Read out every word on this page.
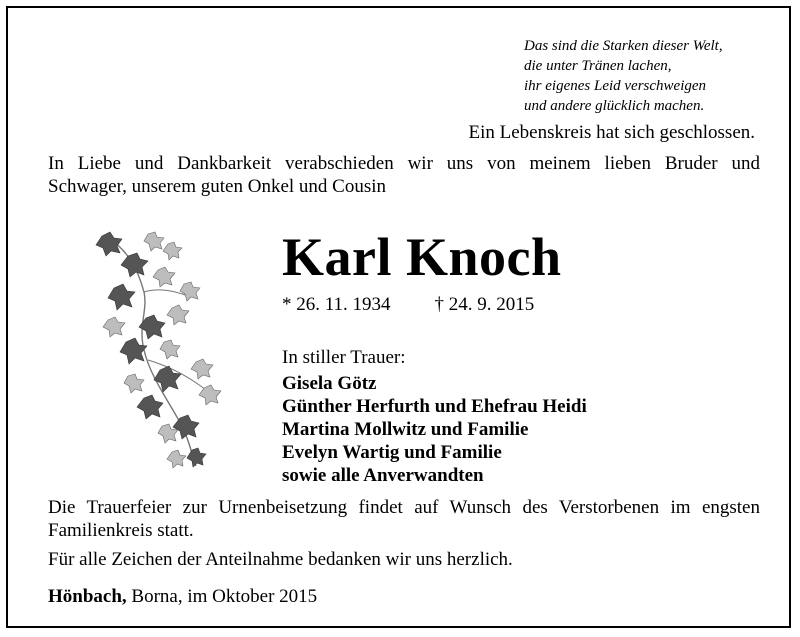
Das sind die Starken dieser Welt,
die unter Tränen lachen,
ihr eigenes Leid verschweigen
und andere glücklich machen.
Ein Lebenskreis hat sich geschlossen.
In Liebe und Dankbarkeit verabschieden wir uns von meinem lieben Bruder und
Schwager, unserem guten Onkel und Cousin
Karl Knoch
* 26. 11. 1934 † 24. 9. 2015
In stiller Trauer:
Gisela Götz
Günther Herfurth und Ehefrau Heidi
Martina Mollwitz und Familie
Evelyn Wartig und Familie
sowie alle Anverwandten
Die Trauerfeier zur Urnenbeisetzung findet auf Wunsch des Verstorbenen im engsten
Familienkreis statt.
Für alle Zeichen der Anteilnahme bedanken wir uns herzlich.
Hönbach, Borna, im Oktober 2015
